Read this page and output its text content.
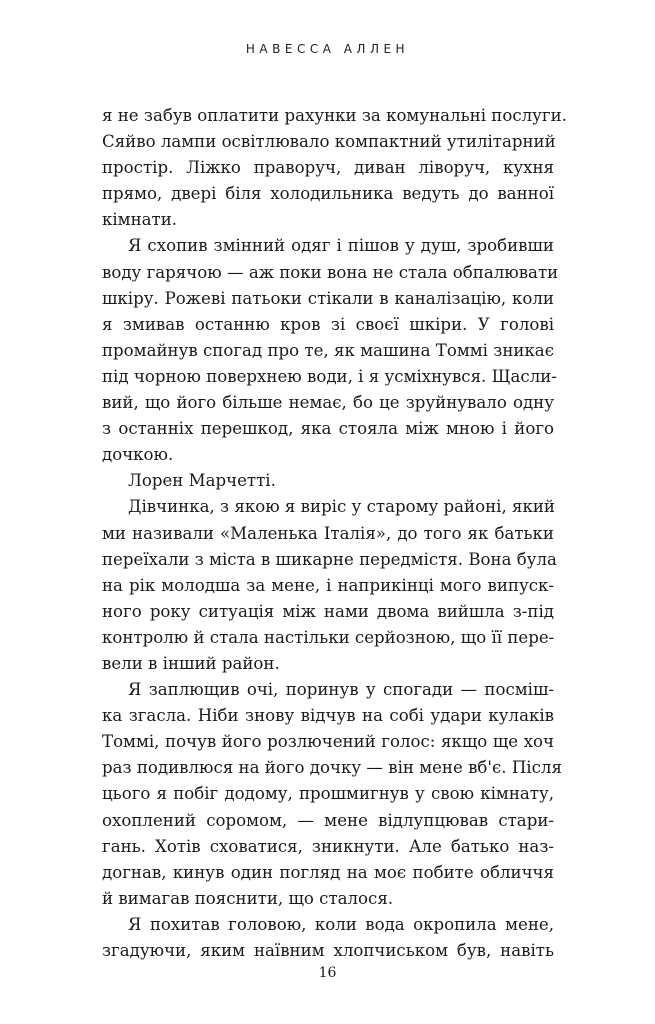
НАВЕССА АЛЛЕН
я не забув оплатити рахунки за комунальні послуги.
Сяйво лампи освітлювало компактний утилітарний
простір. Ліжко праворуч, диван ліворуч, кухня
прямо, двері біля холодильника ведуть до ванної
кімнати.
Я схопив змінний одяг і пішов у душ, зробивши
воду гарячою — аж поки вона не стала обпалювати
шкіру. Рожеві патьоки стікали в каналізацію, коли
я змивав останню кров зі своєї шкіри. У голові
промайнув спогад про те, як машина Томмі зникає
під чорною поверхнею води, і я усміхнувся. Щасли-
вий, що його більше немає, бо це зруйнувало одну
з останніх перешкод, яка стояла між мною і його
дочкою.
Лорен Марчетті.
Дівчинка, з якою я виріс у старому районі, який
ми називали «Маленька Італія», до того як батьки
переїхали з міста в шикарне передмістя. Вона була
на рік молодша за мене, і наприкінці мого випуск-
ного року ситуація між нами двома вийшла з-під
контролю й стала настільки серйозною, що її пере-
вели в інший район.
Я заплющив очі, поринув у спогади — посміш-
ка згасла. Ніби знову відчув на собі удари кулаків
Томмі, почув його розлючений голос: якщо ще хоч
раз подивлюся на його дочку — він мене вб'є. Після
цього я побіг додому, прошмигнув у свою кімнату,
охоплений соромом, — мене відлупцював стари-
гань. Хотів сховатися, зникнути. Але батько наз-
догнав, кинув один погляд на моє побите обличчя
й вимагав пояснити, що сталося.
Я похитав головою, коли вода окропила мене,
згадуючи, яким наївним хлопчиськом був, навіть
16
